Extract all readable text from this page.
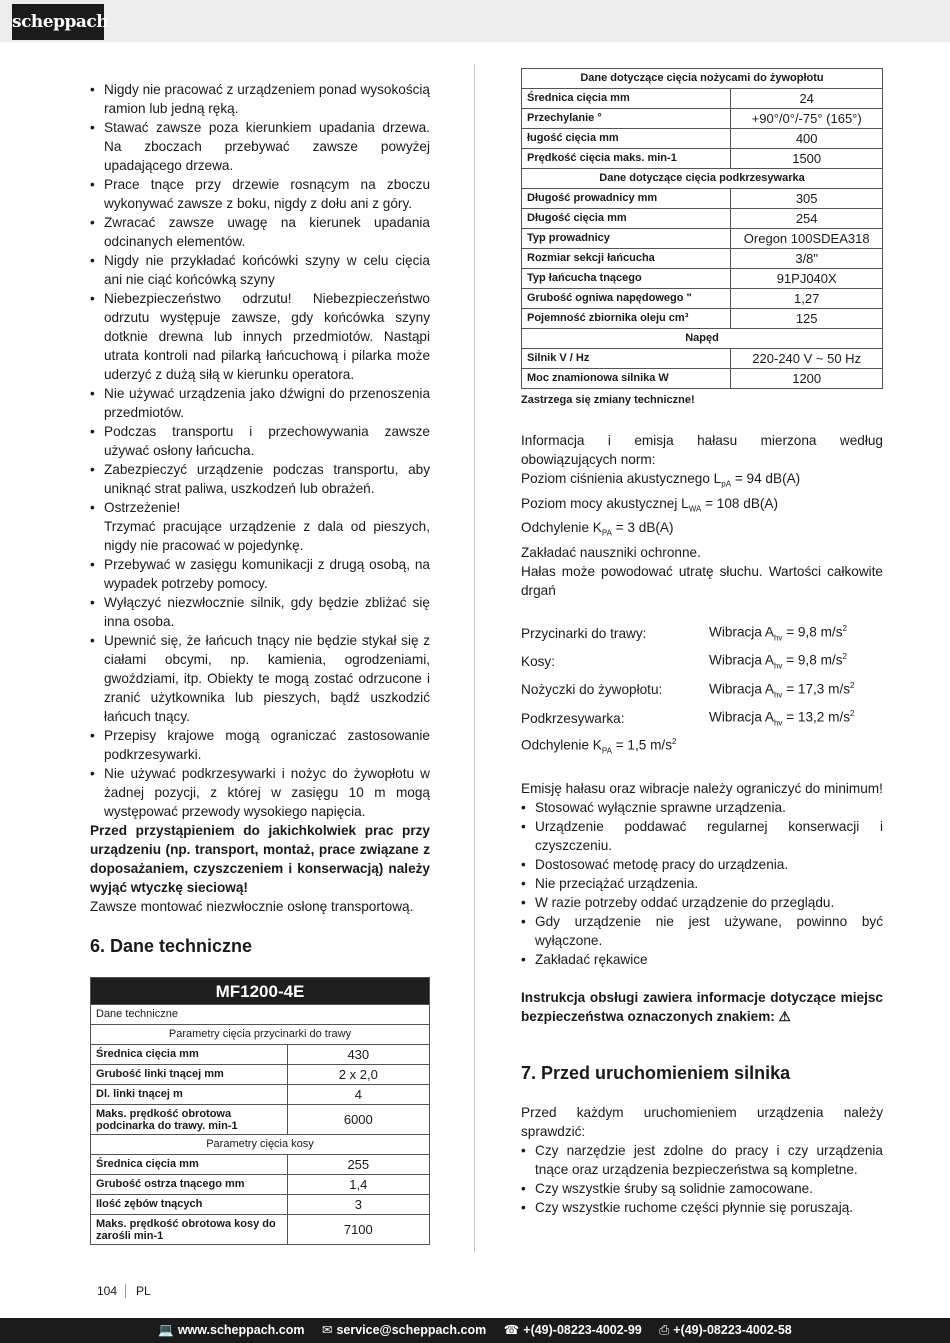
scheppach
• Nigdy nie pracować z urządzeniem ponad wysokością ramion lub jedną ręką.
• Stawać zawsze poza kierunkiem upadania drzewa. Na zboczach przebywać zawsze powyżej upadającego drzewa.
• Prace tnące przy drzewie rosnącym na zboczu wykonywać zawsze z boku, nigdy z dołu ani z góry.
• Zwracać zawsze uwagę na kierunek upadania odcinanych elementów.
• Nigdy nie przykładać końcówki szyny w celu cięcia ani nie ciąć końcówką szyny
• Niebezpieczeństwo odrzutu! Niebezpieczeństwo odrzutu występuje zawsze, gdy końcówka szyny dotknie drewna lub innych przedmiotów. Nastąpi utrata kontroli nad pilarką łańcuchową i pilarka może uderzyć z dużą siłą w kierunku operatora.
• Nie używać urządzenia jako dźwigni do przenoszenia przedmiotów.
• Podczas transportu i przechowywania zawsze używać osłony łańcucha.
• Zabezpieczyć urządzenie podczas transportu, aby uniknąć strat paliwa, uszkodzeń lub obrażeń.
• Ostrzeżenie!
Trzymać pracujące urządzenie z dala od pieszych, nigdy nie pracować w pojedynkę.
• Przebywać w zasięgu komunikacji z drugą osobą, na wypadek potrzeby pomocy.
• Wyłączyć niezwłocznie silnik, gdy będzie zbliżać się inna osoba.
• Upewnić się, że łańcuch tnący nie będzie stykał się z ciałami obcymi, np. kamienia, ogrodzeniami, gwoździami, itp. Obiekty te mogą zostać odrzucone i zranić użytkownika lub pieszych, bądź uszkodzić łańcuch tnący.
• Przepisy krajowe mogą ograniczać zastosowanie podkrzesywarki.
• Nie używać podkrzesywarki i nożyc do żywopłotu w żadnej pozycji, z której w zasięgu 10 m mogą występować przewody wysokiego napięcia.

Przed przystąpieniem do jakichkolwiek prac przy urządzeniu (np. transport, montaż, prace związane z doposażaniem, czyszczeniem i konserwacją) należy wyjąć wtyczkę sieciową!

Zawsze montować niezwłocznie osłonę transportową.

6. Dane techniczne
MF1200-4E	
Dane techniczne	
Parametry cięcia przycinarki do trawy	
Średnica cięcia mm	430
Grubość linki tnącej mm	2 x 2,0
Dl. linki tnącej m	4
Maks. prędkość obrotowa podcinarka do trawy. min-1	6000
Parametry cięcia kosy	
Średnica cięcia mm	255
Grubość ostrza tnącego mm	1,4
Ilość zębów tnących	3
Maks. prędkość obrotowa kosy do zarośli min-1	7100
Dane dotyczące cięcia nożycami do żywopłotu	
Średnica cięcia mm	24
Przechylanie °	+90°/0°/-75° (165°)
ługość cięcia mm	400
Prędkość cięcia maks. min-1	1500
Dane dotyczące cięcia podkrzesywarka	
Długość prowadnicy mm	305
Długość cięcia mm	254
Typ prowadnicy	Oregon 100SDEA318
Rozmiar sekcji łańcucha	3/8"
Typ łańcucha tnącego	91PJ040X
Grubość ogniwa napędowego "	1,27
Pojemność zbiornika oleju cm³	125
Napęd	
Silnik V / Hz	220-240 V ~ 50 Hz
Moc znamionowa silnika W	1200

Zastrzega się zmiany techniczne!

Informacja i emisja hałasu mierzona według obowiązujących norm:

Poziom ciśnienia akustycznego $L_{pA} = 94$ dB(A)

Poziom mocy akustycznej $L_{WA} = 108$ dB(A)

Odchylenie $K_{PA} = 3$ dB(A)

Zakładać nauszniki ochronne.

Hałas może powodować utratę słuchu. Wartości całkowite drgań

Przycinarki do trawy:	Wibracja $A_{hv} = 9,8$ $m/s^2$
Kosy:	Wibracja $A_{hv} = 9,8$ $m/s^2$
Nożyczki do żywopłotu:	Wibracja $A_{hv} = 17,3$ $m/s^2$
Podkrzesywarka:	Wibracja $A_{hv} = 13,2$ $m/s^2$
Odchylenie $K_{PA} = 1,5$ $m/s^2$

Emisję hałasu oraz wibracje należy ograniczyć do minimum!

• Stosować wyłącznie sprawne urządzenia.
• Urządzenie poddawać regularnej konserwacji i czyszczeniu.
• Dostosować metodę pracy do urządzenia.
• Nie przeciążać urządzenia.
• W razie potrzeby oddać urządzenie do przeglądu.
• Gdy urządzenie nie jest używane, powinno być wyłączone.
• Zakładać rękawice

Instrukcja obsługi zawiera informacje dotyczące miejsc bezpieczeństwa oznaczonych znakiem: ⚠

7. Przed uruchomieniem silnika

Przed każdym uruchomieniem urządzenia należy sprawdzić:

• Czy narzędzie jest zdolne do pracy i czy urządzenia tnące oraz urządzenia bezpieczeństwa są kompletne.
• Czy wszystkie śruby są solidnie zamocowane.
• Czy wszystkie ruchome części płynnie się poruszają.
104 PL
💻 www.scheppach.com ✉ service@scheppach.com ☎ +(49)-08223-4002-99 ⎙ +(49)-08223-4002-58
